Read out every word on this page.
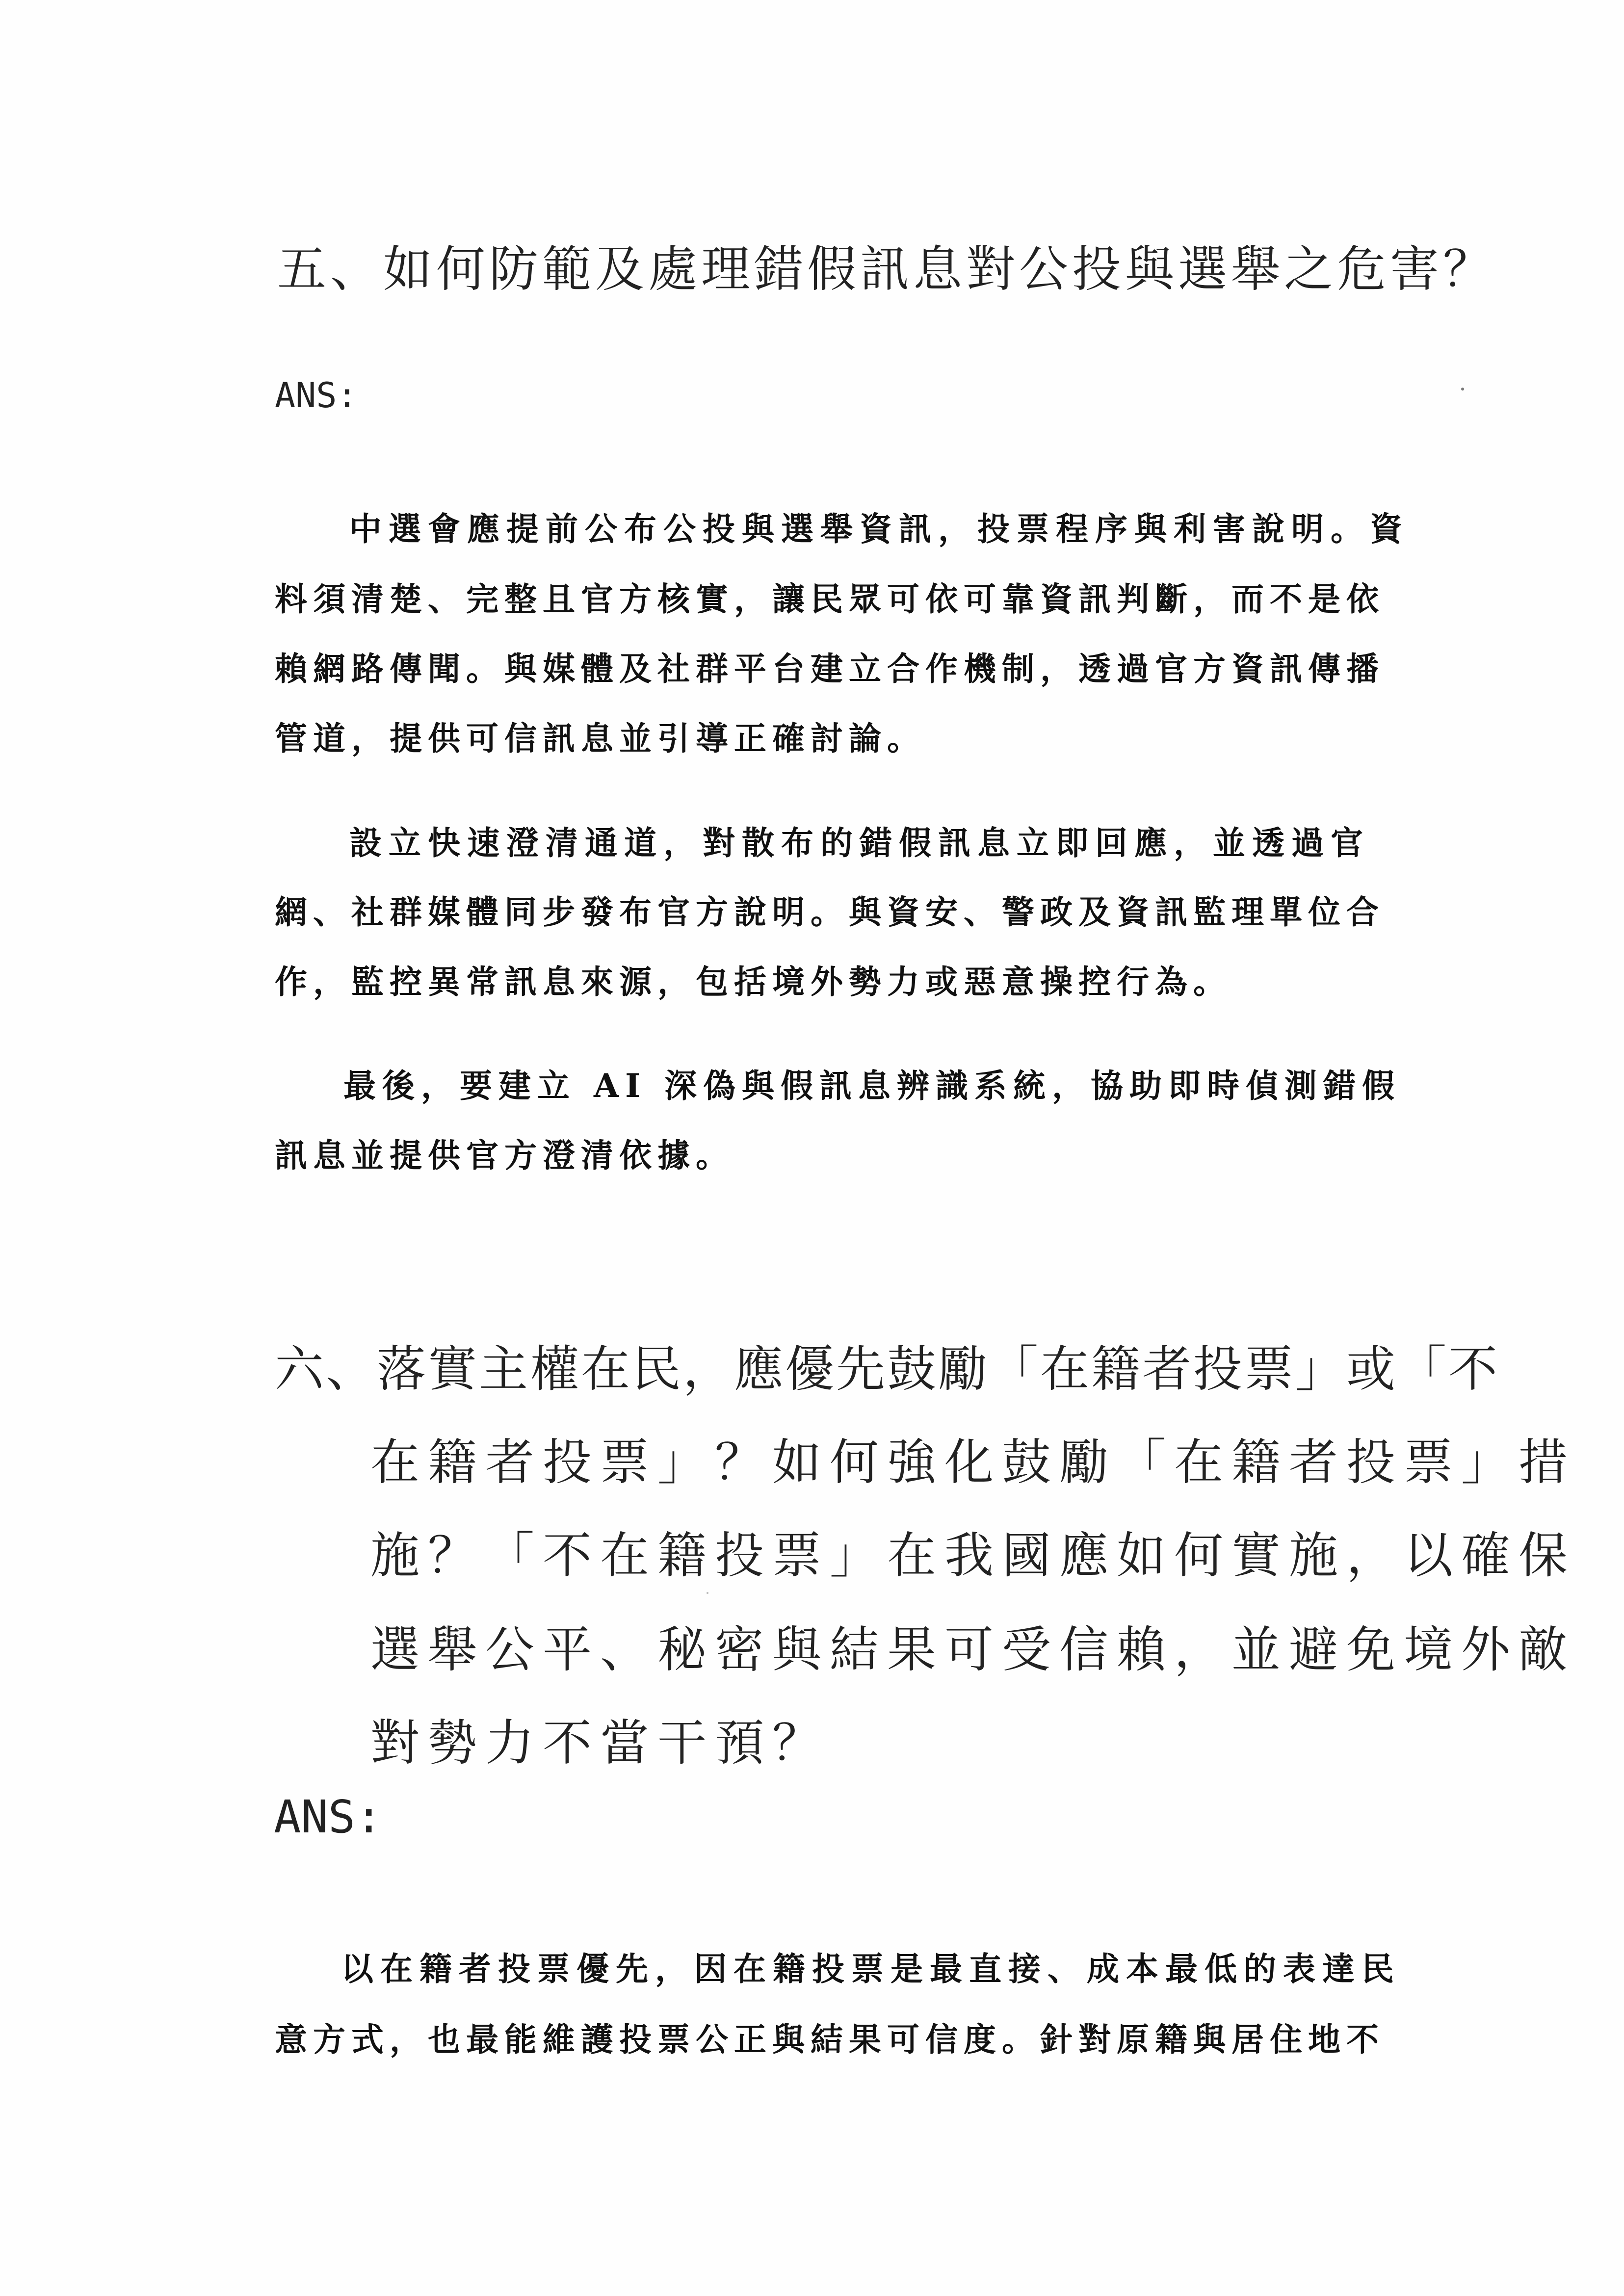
五、如何防範及處理錯假訊息對公投與選舉之危害？

ANS:

中選會應提前公布公投與選舉資訊，投票程序與利害說明。資

料須清楚、完整且官方核實，讓民眾可依可靠資訊判斷，而不是依

賴網路傳聞。與媒體及社群平台建立合作機制，透過官方資訊傳播

管道，提供可信訊息並引導正確討論。

設立快速澄清通道，對散布的錯假訊息立即回應，並透過官

網、社群媒體同步發布官方說明。與資安、警政及資訊監理單位合

作，監控異常訊息來源，包括境外勢力或惡意操控行為。

最後，要建立 AI 深偽與假訊息辨識系統，協助即時偵測錯假

訊息並提供官方澄清依據。

六、落實主權在民，應優先鼓勵「在籍者投票」或「不
在籍者投票」？如何強化鼓勵「在籍者投票」措
施？「不在籍投票」在我國應如何實施，以確保
選舉公平、秘密與結果可受信賴，並避免境外敵
對勢力不當干預？

ANS:

以在籍者投票優先，因在籍投票是最直接、成本最低的表達民

意方式，也最能維護投票公正與結果可信度。針對原籍與居住地不
